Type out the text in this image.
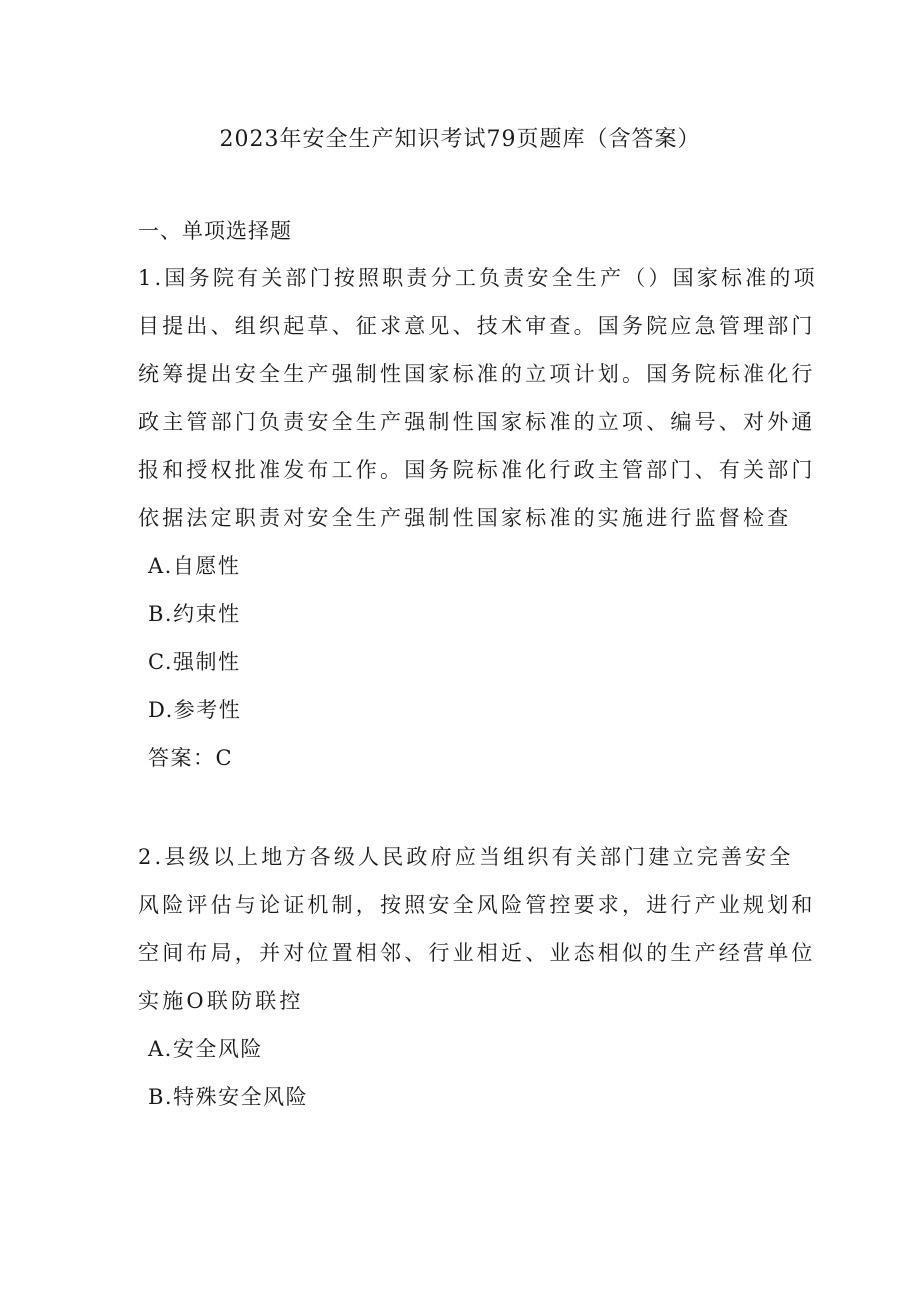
2023年安全生产知识考试79页题库（含答案）
一、单项选择题
1.国务院有关部门按照职责分工负责安全生产（）国家标准的项
目提出、组织起草、征求意见、技术审查。国务院应急管理部门
统筹提出安全生产强制性国家标准的立项计划。国务院标准化行
政主管部门负责安全生产强制性国家标准的立项、编号、对外通
报和授权批准发布工作。国务院标准化行政主管部门、有关部门
依据法定职责对安全生产强制性国家标准的实施进行监督检查
A.自愿性
B.约束性
C.强制性
D.参考性
答案：C
2.县级以上地方各级人民政府应当组织有关部门建立完善安全
风险评估与论证机制，按照安全风险管控要求，进行产业规划和
空间布局，并对位置相邻、行业相近、业态相似的生产经营单位
实施O联防联控
A.安全风险
B.特殊安全风险
